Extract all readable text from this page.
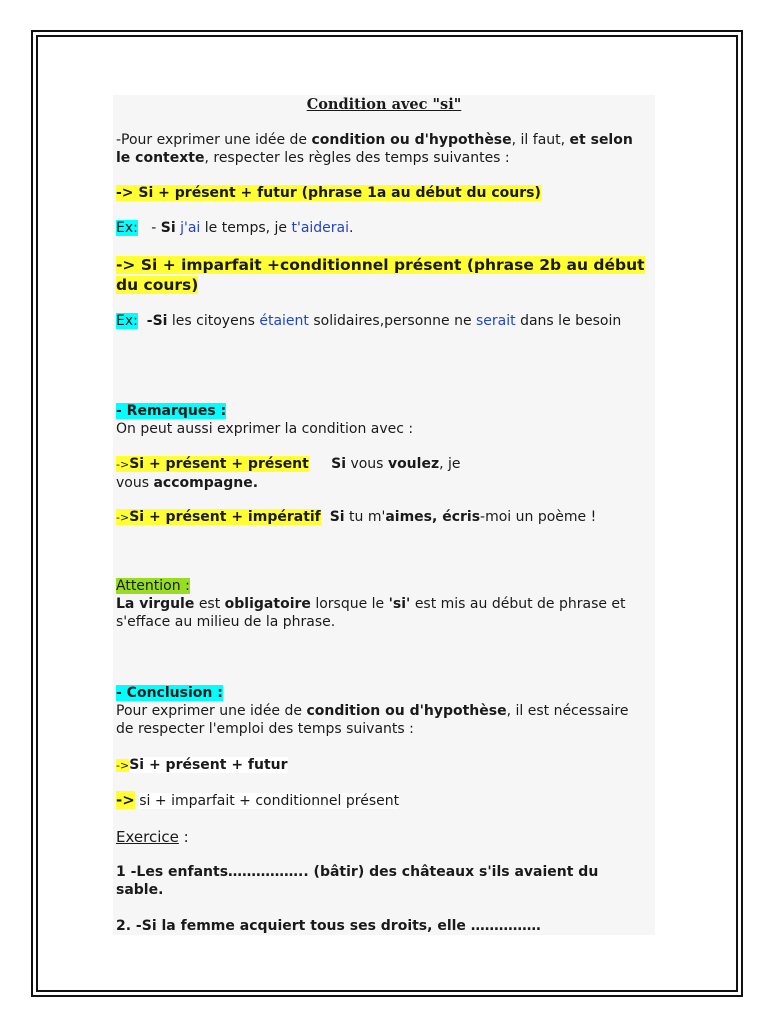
Condition avec "si"
-Pour exprimer une idée de condition ou d'hypothèse, il faut, et selon le contexte, respecter les règles des temps suivantes :
-> Si + présent + futur (phrase 1a au début du cours)
Ex: - Si j'ai le temps, je t'aiderai.
-> Si + imparfait +conditionnel présent (phrase 2b au début du cours)
Ex: -Si les citoyens étaient solidaires,personne ne serait dans le besoin
- Remarques :
On peut aussi exprimer la condition avec :
->Si + présent + présent Si vous voulez, je vous accompagne.
->Si + présent + impératif Si tu m'aimes, écris-moi un poème !
Attention :
La virgule est obligatoire lorsque le 'si' est mis au début de phrase et s'efface au milieu de la phrase.
- Conclusion :
Pour exprimer une idée de condition ou d'hypothèse, il est nécessaire de respecter l'emploi des temps suivants :
->Si + présent + futur
-> si + imparfait + conditionnel présent
Exercice :
1 -Les enfants…………….. (bâtir) des châteaux s'ils avaient du sable.
2. -Si la femme acquiert tous ses droits, elle ……………
